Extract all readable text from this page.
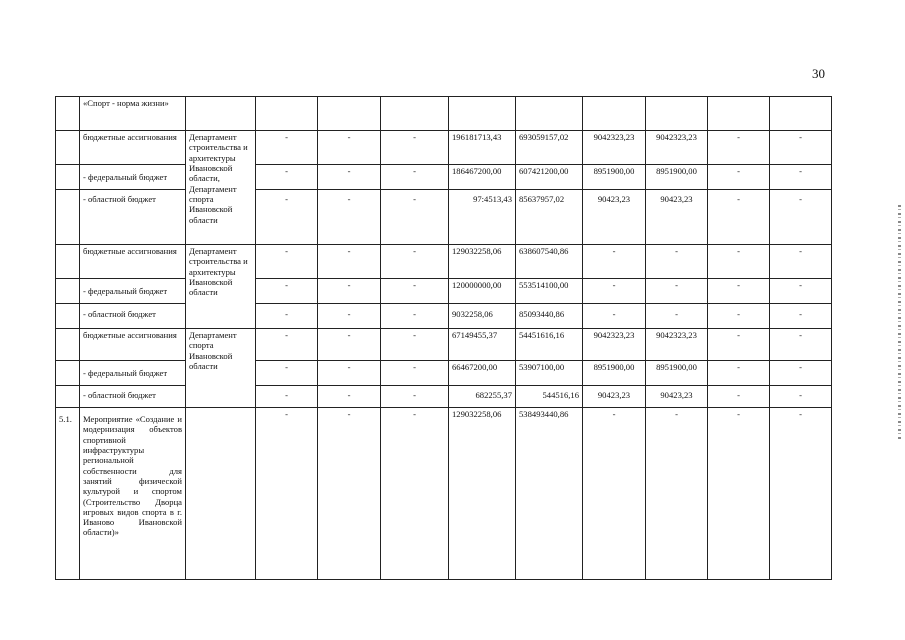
30
	«Спорт - норма жизни»										
	бюджетные ассигнования	Департамент строительства и архитектуры Ивановской области, Департамент спорта Ивановской области	-	-	-	196181713,43	693059157,02	9042323,23	9042323,23	-	-
	- федеральный бюджет		-	-	-	186467200,00	607421200,00	8951900,00	8951900,00	-	-
	- областной бюджет		-	-	-	97:4513,43	85637957,02	90423,23	90423,23	-	-
	бюджетные ассигнования	Департамент строительства и архитектуры Ивановской области	-	-	-	129032258,06	638607540,86	-	-	-	-
	- федеральный бюджет		-	-	-	120000000,00	553514100,00	-	-	-	-
	- областной бюджет		-	-	-	9032258,06	85093440,86	-	-	-	-
	бюджетные ассигнования	Департамент спорта Ивановской области	-	-	-	67149455,37	54451616,16	9042323,23	9042323,23	-	-
	- федеральный бюджет		-	-	-	66467200,00	53907100,00	8951900,00	8951900,00	-	-
	- областной бюджет		-	-	-	682255,37	544516,16	90423,23	90423,23	-	-
5.1.	Мероприятие «Создание и модернизация объектов спортивной инфраструктуры региональной собственности для занятий физической культурой и спортом (Строительство Дворца игровых видов спорта в г. Иваново Ивановской области)»		-	-	-	129032258,06	538493440,86	-	-	-	-
